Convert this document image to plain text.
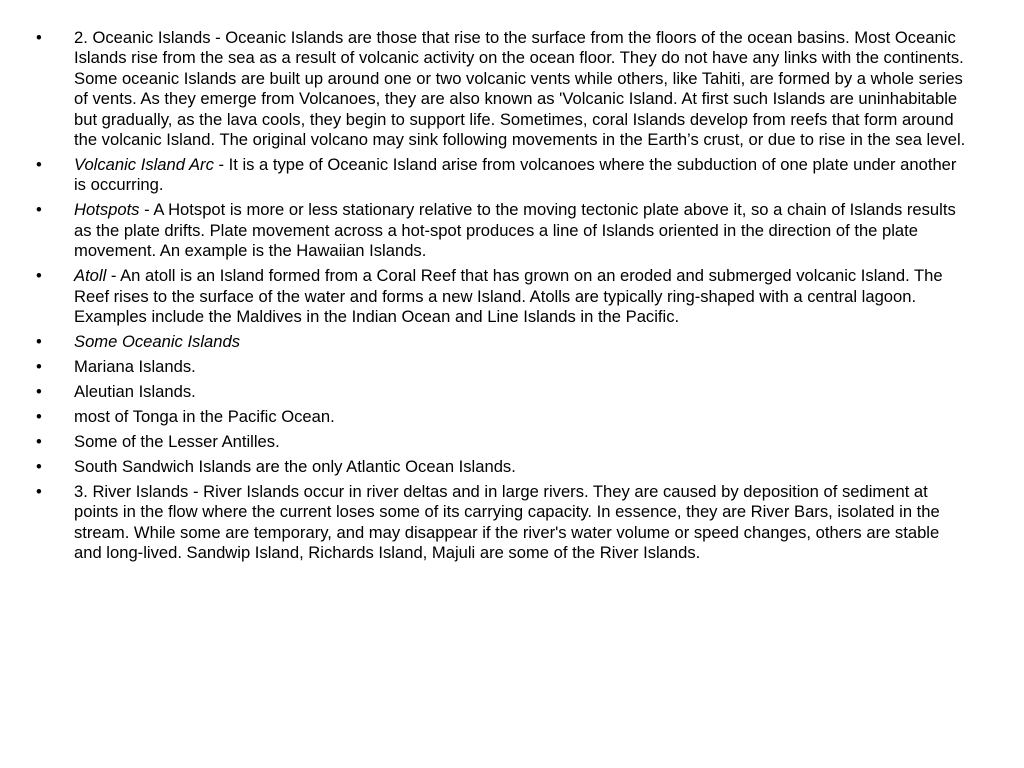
•	2. Oceanic Islands - Oceanic Islands are those that rise to the surface from the floors of the ocean basins. Most Oceanic Islands rise from the sea as a result of volcanic activity on the ocean floor. They do not have any links with the continents. Some oceanic Islands are built up around one or two volcanic vents while others, like Tahiti, are formed by a whole series of vents. As they emerge from Volcanoes, they are also known as 'Volcanic Island. At first such Islands are uninhabitable but gradually, as the lava cools, they begin to support life. Sometimes, coral Islands develop from reefs that form around the volcanic Island. The original volcano may sink following movements in the Earth’s crust, or due to rise in the sea level.
•	Volcanic Island Arc - It is a type of Oceanic Island arise from volcanoes where the subduction of one plate under another is occurring.
•	Hotspots - A Hotspot is more or less stationary relative to the moving tectonic plate above it, so a chain of Islands results as the plate drifts. Plate movement across a hot-spot produces a line of Islands oriented in the direction of the plate movement. An example is the Hawaiian Islands.
•	Atoll - An atoll is an Island formed from a Coral Reef that has grown on an eroded and submerged volcanic Island. The Reef rises to the surface of the water and forms a new Island. Atolls are typically ring-shaped with a central lagoon. Examples include the Maldives in the Indian Ocean and Line Islands in the Pacific.
•	Some Oceanic Islands
•	Mariana Islands.
•	Aleutian Islands.
•	most of Tonga in the Pacific Ocean.
•	Some of the Lesser Antilles.
•	South Sandwich Islands are the only Atlantic Ocean Islands.
•	3. River Islands - River Islands occur in river deltas and in large rivers. They are caused by deposition of sediment at points in the flow where the current loses some of its carrying capacity. In essence, they are River Bars, isolated in the stream. While some are temporary, and may disappear if the river's water volume or speed changes, others are stable and long-lived. Sandwip Island, Richards Island, Majuli are some of the River Islands.
